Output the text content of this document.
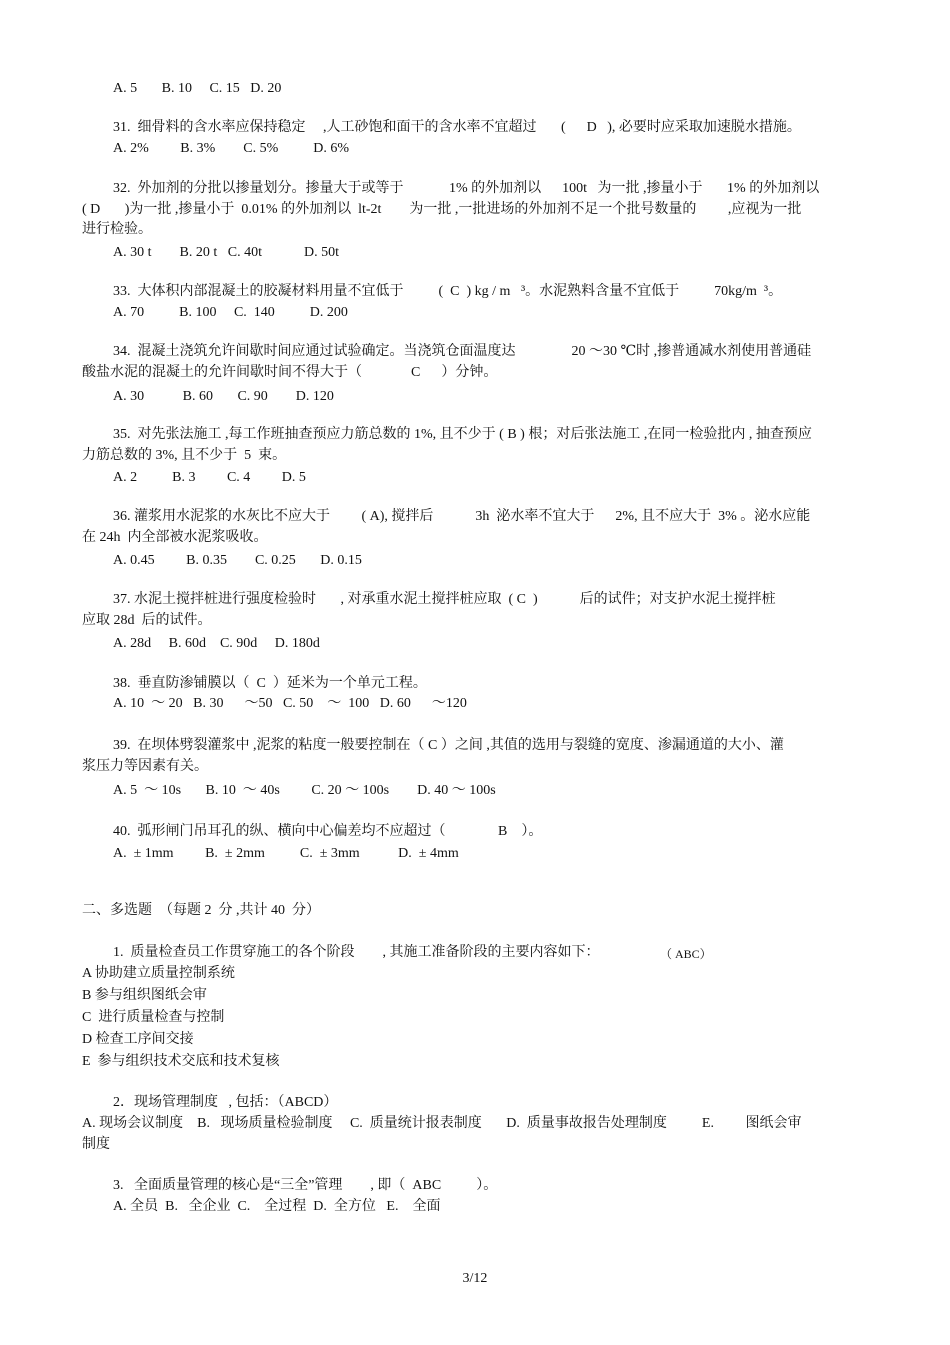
A. 5       B. 10     C. 15   D. 20
31.  细骨料的含水率应保持稳定     ,人工砂饱和面干的含水率不宜超过       (      D   ), 必要时应采取加速脱水措施。
A. 2%         B. 3%        C. 5%          D. 6%
32.  外加剂的分批以掺量划分。掺量大于或等于             1% 的外加剂以      100t   为一批 ,掺量小于       1% 的外加剂以
( D       )为一批 ,掺量小于  0.01% 的外加剂以  lt-2t        为一批 ,一批进场的外加剂不足一个批号数量的         ,应视为一批
进行检验。
A. 30 t        B. 20 t   C. 40t            D. 50t
33.  大体积内部混凝土的胶凝材料用量不宜低于          (  C  ) kg / m   ³。水泥熟料含量不宜低于          70kg/m  ³。
A. 70          B. 100     C.  140          D. 200
34.  混凝土浇筑允许间歇时间应通过试验确定。当浇筑仓面温度达                20 ～30 ℃时 ,掺普通减水剂使用普通硅
酸盐水泥的混凝土的允许间歇时间不得大于（              C      ）分钟。
A. 30           B. 60       C. 90        D. 120
35.  对先张法施工 ,每工作班抽查预应力筋总数的 1%, 且不少于 ( B ) 根；对后张法施工 ,在同一检验批内 , 抽查预应
力筋总数的 3%, 且不少于  5  束。
A. 2          B. 3         C. 4         D. 5
36. 灌浆用水泥浆的水灰比不应大于         ( A), 搅拌后            3h  泌水率不宜大于      2%, 且不应大于  3% 。泌水应能
在 24h  内全部被水泥浆吸收。
A. 0.45         B. 0.35        C. 0.25       D. 0.15
37. 水泥土搅拌桩进行强度检验时       , 对承重水泥土搅拌桩应取  ( C  )            后的试件；对支护水泥土搅拌桩
应取 28d  后的试件。
A. 28d     B. 60d    C. 90d     D. 180d
38.  垂直防渗铺膜以（  C  ）延米为一个单元工程。
A. 10  ～ 20   B. 30      ～50   C. 50    ～  100   D. 60      ～120
39.  在坝体劈裂灌浆中 ,泥浆的粘度一般要控制在（ C ）之间 ,其值的选用与裂缝的宽度、渗漏通道的大小、灌
浆压力等因素有关。
A. 5  ～ 10s       B. 10  ～ 40s         C. 20 ～ 100s        D. 40 ～ 100s
40.  弧形闸门吊耳孔的纵、横向中心偏差均不应超过（               B    ）。
A.  ± 1mm         B.  ± 2mm          C.  ± 3mm           D.  ± 4mm
二、多选题  （每题 2  分 ,共计 40  分）
1.  质量检查员工作贯穿施工的各个阶段        , 其施工准备阶段的主要内容如下：	（ ABC）
A 协助建立质量控制系统
B 参与组织图纸会审
C  进行质量检查与控制
D 检查工序间交接
E  参与组织技术交底和技术复核
2．现场管理制度   , 包括：（ABCD）
A. 现场会议制度    B.   现场质量检验制度     C.  质量统计报表制度       D.  质量事故报告处理制度          E.         图纸会审
制度
3.   全面质量管理的核心是“三全”管理        , 即（  ABC          ）。
A. 全员  B.   全企业  C.    全过程  D.  全方位   E.    全面
3/12
